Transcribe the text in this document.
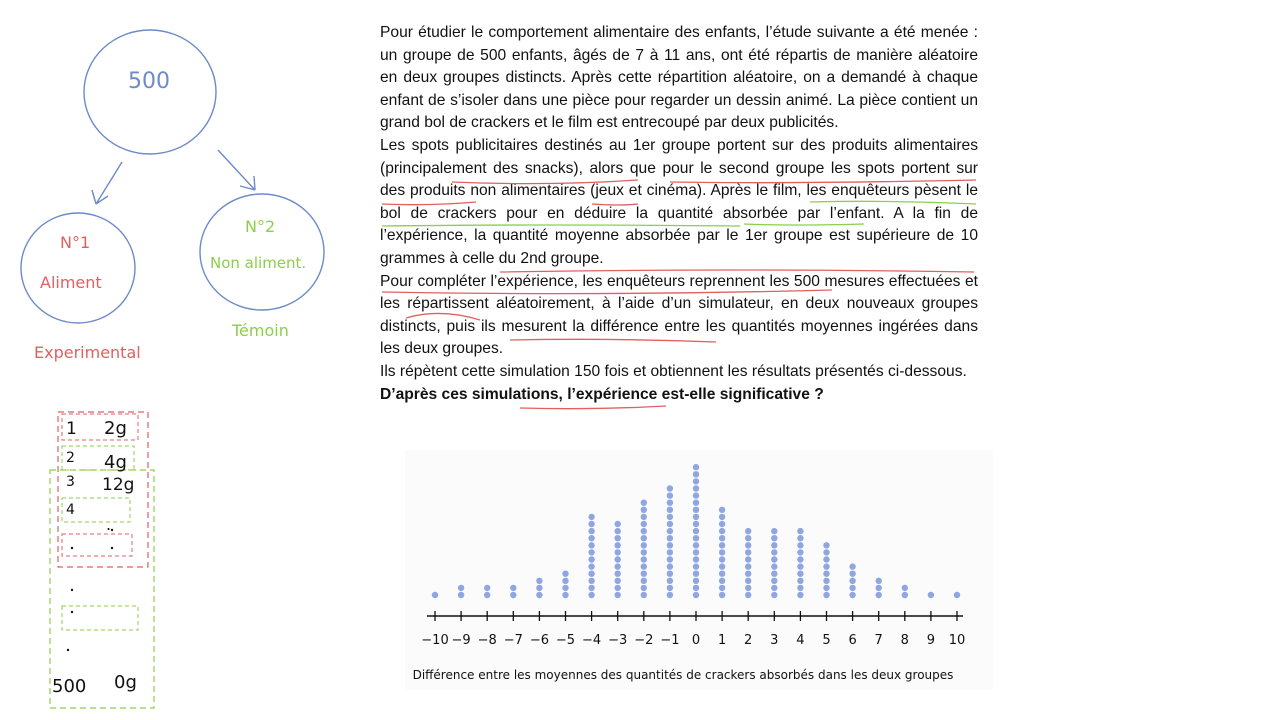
500
N°1
Aliment
N°2
Non aliment.
Experimental
Témoin
1 2g
2 4g
3 12g
4
.
500 0g

Pour étudier le comportement alimentaire des enfants, l’étude suivante a été menée : un groupe de 500 enfants, âgés de 7 à 11 ans, ont été répartis de manière aléatoire en deux groupes distincts. Après cette répartition aléatoire, on a demandé à chaque enfant de s’isoler dans une pièce pour regarder un dessin animé. La pièce contient un grand bol de crackers et le film est entrecoupé par deux publicités.

Les spots publicitaires destinés au 1er groupe portent sur des produits alimentaires (principalement des snacks), alors que pour le second groupe les spots portent sur des produits non alimentaires (jeux et cinéma). Après le film, les enquêteurs pèsent le bol de crackers pour en déduire la quantité absorbée par l’enfant. A la fin de l’expérience, la quantité moyenne absorbée par le 1er groupe est supérieure de 10 grammes à celle du 2nd groupe.

Pour compléter l’expérience, les enquêteurs reprennent les 500 mesures effectuées et les répartissent aléatoirement, à l’aide d’un simulateur, en deux nouveaux groupes distincts, puis ils mesurent la différence entre les quantités moyennes ingérées dans les deux groupes.

Ils répètent cette simulation 150 fois et obtiennent les résultats présentés ci-dessous.

D’après ces simulations, l’expérience est-elle significative ?

−10 −9 −8 −7 −6 −5 −4 −3 −2 −1 0 1 2 3 4 5 6 7 8 9 10
Différence entre les moyennes des quantités de crackers absorbés dans les deux groupes
